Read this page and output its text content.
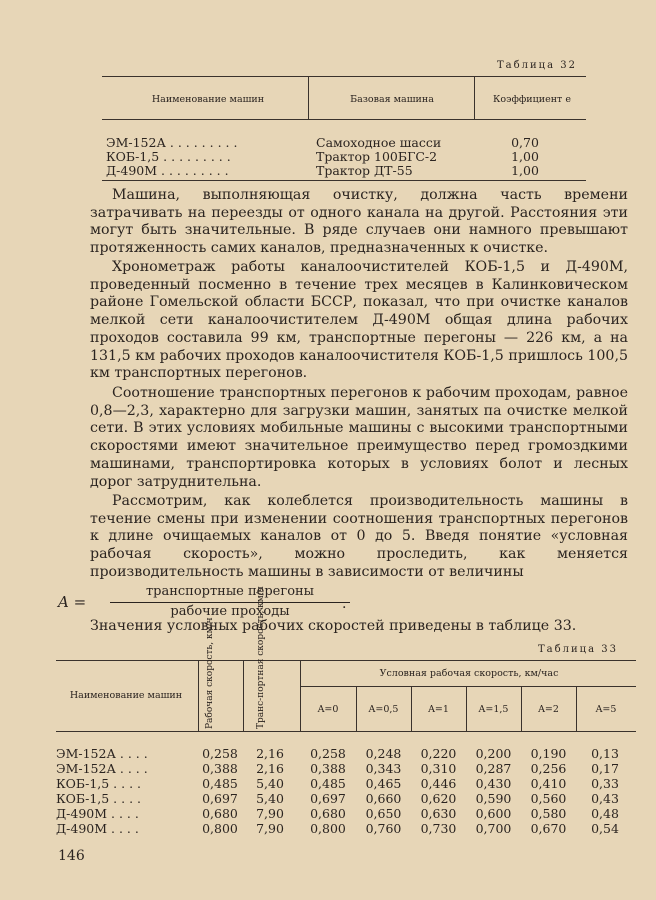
Таблица 32
Наименование машин	Базовая машина	Коэффициент e
ЭМ-152А . . . . . . . . .	Самоходное шасси	0,70
КОБ-1,5 . . . . . . . . .	Трактор 100БГС-2	1,00
Д-490М . . . . . . . . .	Трактор ДТ-55	1,00

Машина, выполняющая очистку, должна часть времени затрачивать на переезды от одного канала на другой. Расстояния эти могут быть значительные. В ряде случаев они намного превышают протяженность самих каналов, предназначенных к очистке.

Хронометраж работы каналоочистителей КОБ-1,5 и Д-490М, проведенный посменно в течение трех месяцев в Калинковическом районе Гомельской области БССР, показал, что при очистке каналов мелкой сети каналоочистителем Д-490М общая длина рабочих проходов составила 99 км, транспортные перегоны — 226 км, а на 131,5 км рабочих проходов каналоочистителя КОБ-1,5 пришлось 100,5 км транспортных перегонов.

Соотношение транспортных перегонов к рабочим проходам, равное 0,8—2,3, характерно для загрузки машин, занятых па очистке мелкой сети. В этих условиях мобильные машины с высокими транспортными скоростями имеют значительное преимущество перед громоздкими машинами, транспортировка которых в условиях болот и лесных дорог затруднительна.

Рассмотрим, как колеблется производительность машины в течение смены при изменении соотношения транспортных перегонов к длине очищаемых каналов от 0 до 5. Введя понятие «условная рабочая скорость», можно проследить, как меняется производительность машины в зависимости от величины

A =
транспортные перегоны
рабочие проходы	.
Значения условных рабочих скоростей приведены в таблице 33.
Таблица 33
Наименование машин	Рабочая скорость, км/ч	Транс-портная скорость, км/ч	Условная рабочая скорость, км/час
A=0	A=0,5	A=1	A=1,5	A=2	A=5
ЭМ-152А . . . .	0,258	2,16	0,258	0,248	0,220	0,200	0,190	0,13
ЭМ-152А . . . .	0,388	2,16	0,388	0,343	0,310	0,287	0,256	0,17
КОБ-1,5 . . . .	0,485	5,40	0,485	0,465	0,446	0,430	0,410	0,33
КОБ-1,5 . . . .	0,697	5,40	0,697	0,660	0,620	0,590	0,560	0,43
Д-490М . . . .	0,680	7,90	0,680	0,650	0,630	0,600	0,580	0,48
Д-490М . . . .	0,800	7,90	0,800	0,760	0,730	0,700	0,670	0,54
146
